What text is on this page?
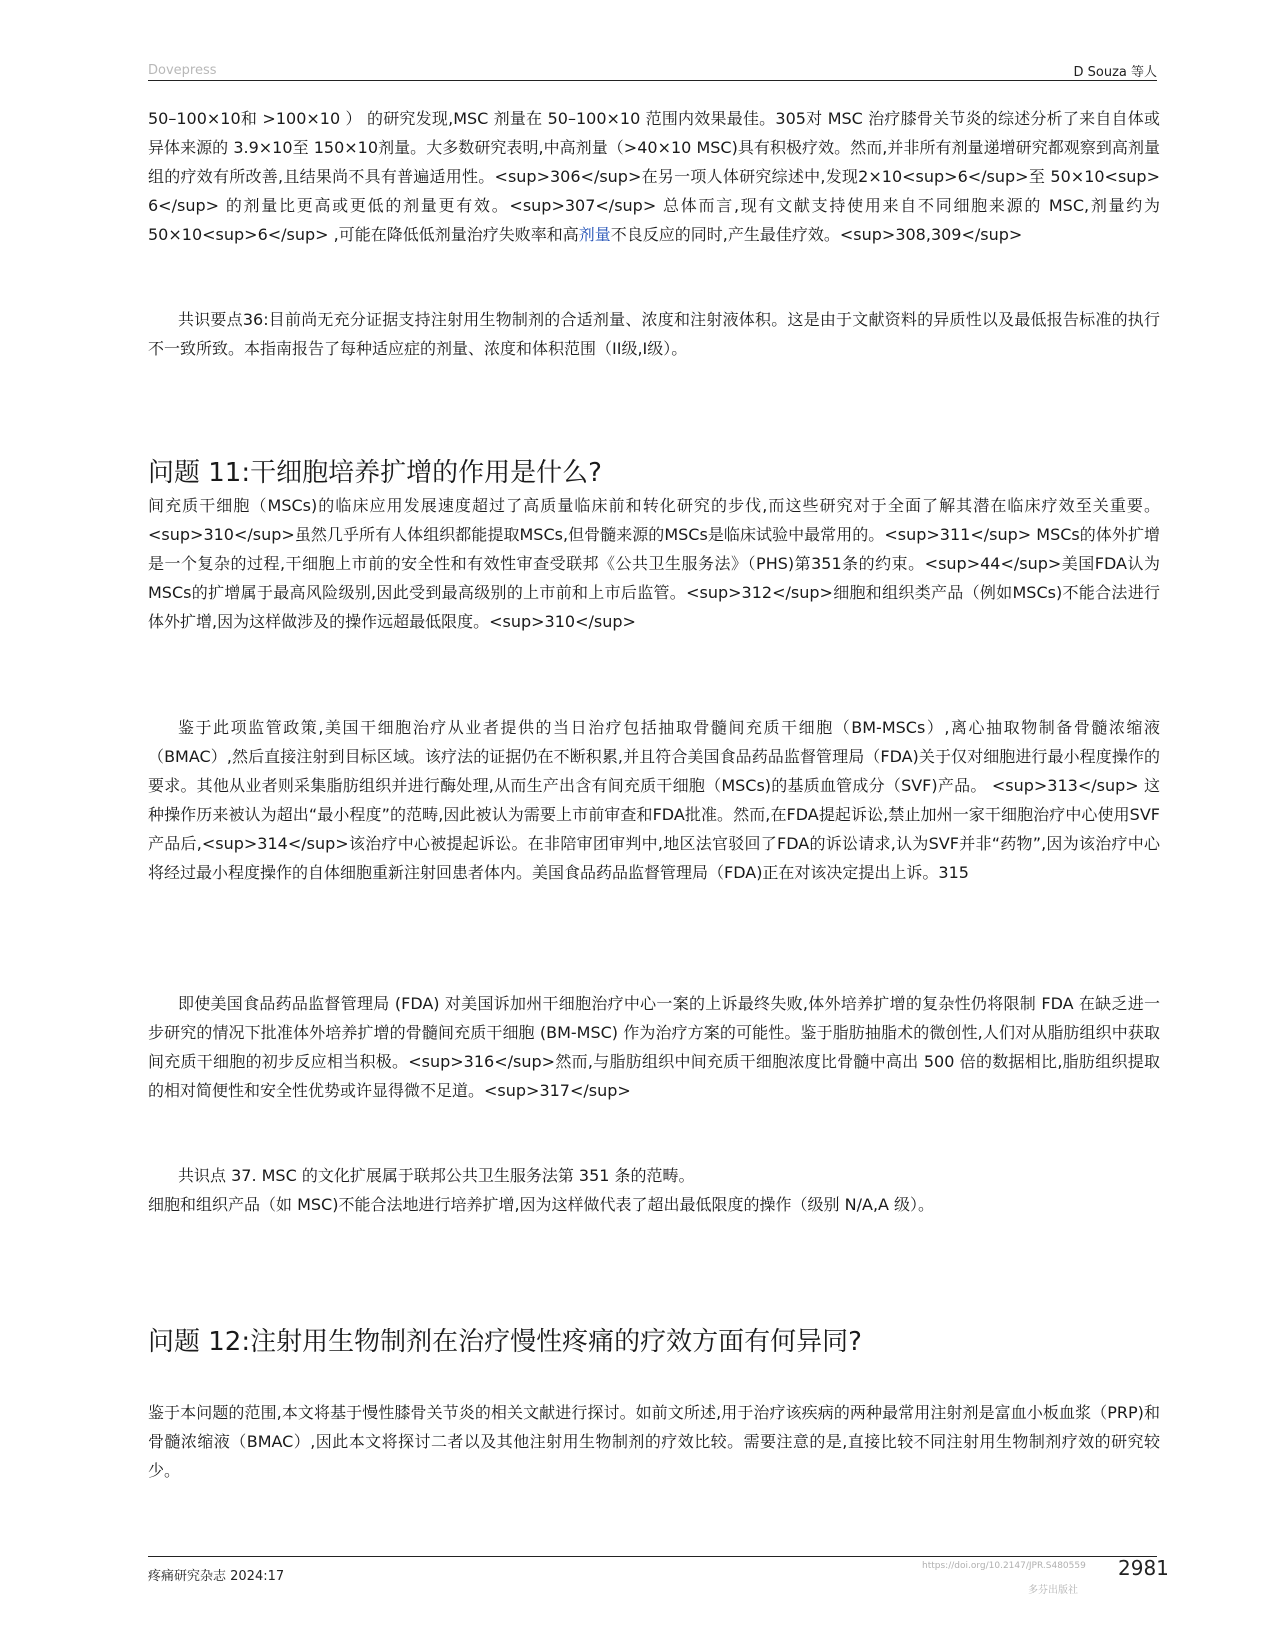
Dovepress	D Souza 等人

50–100×10和 >100×10 ） 的研究发现,MSC 剂量在 50–100×10 范围内效果最佳。305对 MSC 治疗膝骨关节炎的综述分析了来自自体或异体来源的 3.9×10至 150×10剂量。大多数研究表明,中高剂量（>40×10 MSC)具有积极疗效。然而,并非所有剂量递增研究都观察到高剂量组的疗效有所改善,且结果尚不具有普遍适用性。<sup>306</sup>在另一项人体研究综述中,发现2×10<sup>6</sup>至 50×10<sup> 6</sup> 的剂量比更高或更低的剂量更有效。<sup>307</sup> 总体而言,现有文献支持使用来自不同细胞来源的 MSC,剂量约为 50×10<sup>6</sup> ,可能在降低低剂量治疗失败率和高剂量不良反应的同时,产生最佳疗效。<sup>308,309</sup>

共识要点36:目前尚无充分证据支持注射用生物制剂的合适剂量、浓度和注射液体积。这是由于文献资料的异质性以及最低报告标准的执行不一致所致。本指南报告了每种适应症的剂量、浓度和体积范围（II级,I级）。

问题 11:干细胞培养扩增的作用是什么?

间充质干细胞（MSCs)的临床应用发展速度超过了高质量临床前和转化研究的步伐,而这些研究对于全面了解其潜在临床疗效至关重要。<sup>310</sup>虽然几乎所有人体组织都能提取MSCs,但骨髓来源的MSCs是临床试验中最常用的。<sup>311</sup> MSCs的体外扩增是一个复杂的过程,干细胞上市前的安全性和有效性审查受联邦《公共卫生服务法》（PHS)第351条的约束。<sup>44</sup>美国FDA认为MSCs的扩增属于最高风险级别,因此受到最高级别的上市前和上市后监管。<sup>312</sup>细胞和组织类产品（例如MSCs)不能合法进行体外扩增,因为这样做涉及的操作远超最低限度。<sup>310</sup>

鉴于此项监管政策,美国干细胞治疗从业者提供的当日治疗包括抽取骨髓间充质干细胞（BM-MSCs）,离心抽取物制备骨髓浓缩液（BMAC）,然后直接注射到目标区域。该疗法的证据仍在不断积累,并且符合美国食品药品监督管理局（FDA)关于仅对细胞进行最小程度操作的要求。其他从业者则采集脂肪组织并进行酶处理,从而生产出含有间充质干细胞（MSCs)的基质血管成分（SVF)产品。 <sup>313</sup> 这种操作历来被认为超出“最小程度”的范畴,因此被认为需要上市前审查和FDA批准。然而,在FDA提起诉讼,禁止加州一家干细胞治疗中心使用SVF产品后,<sup>314</sup>该治疗中心被提起诉讼。在非陪审团审判中,地区法官驳回了FDA的诉讼请求,认为SVF并非“药物”,因为该治疗中心将经过最小程度操作的自体细胞重新注射回患者体内。美国食品药品监督管理局（FDA)正在对该决定提出上诉。315

即使美国食品药品监督管理局 (FDA) 对美国诉加州干细胞治疗中心一案的上诉最终失败,体外培养扩增的复杂性仍将限制 FDA 在缺乏进一步研究的情况下批准体外培养扩增的骨髓间充质干细胞 (BM-MSC) 作为治疗方案的可能性。鉴于脂肪抽脂术的微创性,人们对从脂肪组织中获取间充质干细胞的初步反应相当积极。<sup>316</sup>然而,与脂肪组织中间充质干细胞浓度比骨髓中高出 500 倍的数据相比,脂肪组织提取的相对简便性和安全性优势或许显得微不足道。<sup>317</sup>

共识点 37. MSC 的文化扩展属于联邦公共卫生服务法第 351 条的范畴。

细胞和组织产品（如 MSC)不能合法地进行培养扩增,因为这样做代表了超出最低限度的操作（级别 N/A,A 级）。

问题 12:注射用生物制剂在治疗慢性疼痛的疗效方面有何异同?

鉴于本问题的范围,本文将基于慢性膝骨关节炎的相关文献进行探讨。如前文所述,用于治疗该疾病的两种最常用注射剂是富血小板血浆（PRP)和骨髓浓缩液（BMAC）,因此本文将探讨二者以及其他注射用生物制剂的疗效比较。需要注意的是,直接比较不同注射用生物制剂疗效的研究较少。

疼痛研究杂志 2024:17
https://doi.org/10.2147/JPR.S480559
多芬出版社
2981
